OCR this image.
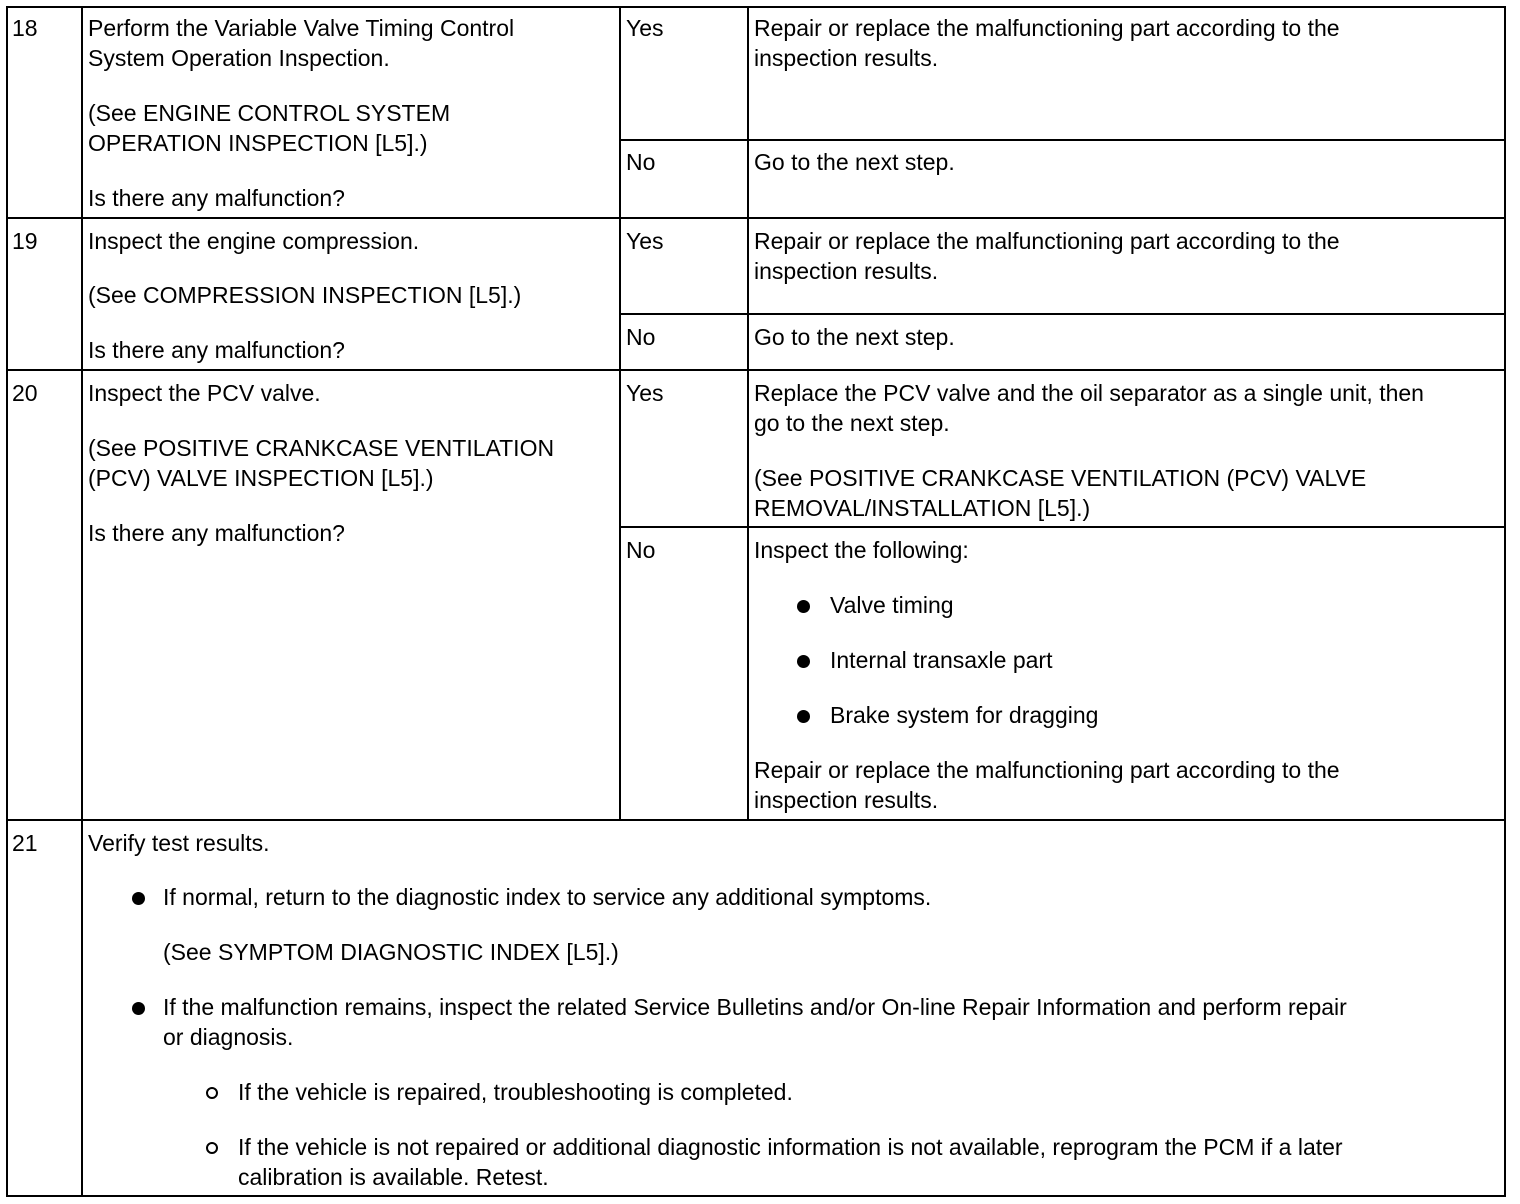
18 Perform the Variable Valve Timing Control
System Operation Inspection.
(See ENGINE CONTROL SYSTEM
OPERATION INSPECTION [L5].)
Is there any malfunction?
Yes	Repair or replace the malfunctioning part according to the
inspection results.
No	Go to the next step.
19 Inspect the engine compression.
(See COMPRESSION INSPECTION [L5].)
Is there any malfunction?
Yes	Repair or replace the malfunctioning part according to the
inspection results.
No	Go to the next step.
20 Inspect the PCV valve.
(See POSITIVE CRANKCASE VENTILATION
(PCV) VALVE INSPECTION [L5].)
Is there any malfunction?
Yes	Replace the PCV valve and the oil separator as a single unit, then
go to the next step.
(See POSITIVE CRANKCASE VENTILATION (PCV) VALVE
REMOVAL/INSTALLATION [L5].)
No	Inspect the following:
Valve timing
Internal transaxle part
Brake system for dragging
Repair or replace the malfunctioning part according to the
inspection results.
21 Verify test results.
If normal, return to the diagnostic index to service any additional symptoms.
(See SYMPTOM DIAGNOSTIC INDEX [L5].)
If the malfunction remains, inspect the related Service Bulletins and/or On-line Repair Information and perform repair
or diagnosis.
If the vehicle is repaired, troubleshooting is completed.
If the vehicle is not repaired or additional diagnostic information is not available, reprogram the PCM if a later
calibration is available. Retest.
